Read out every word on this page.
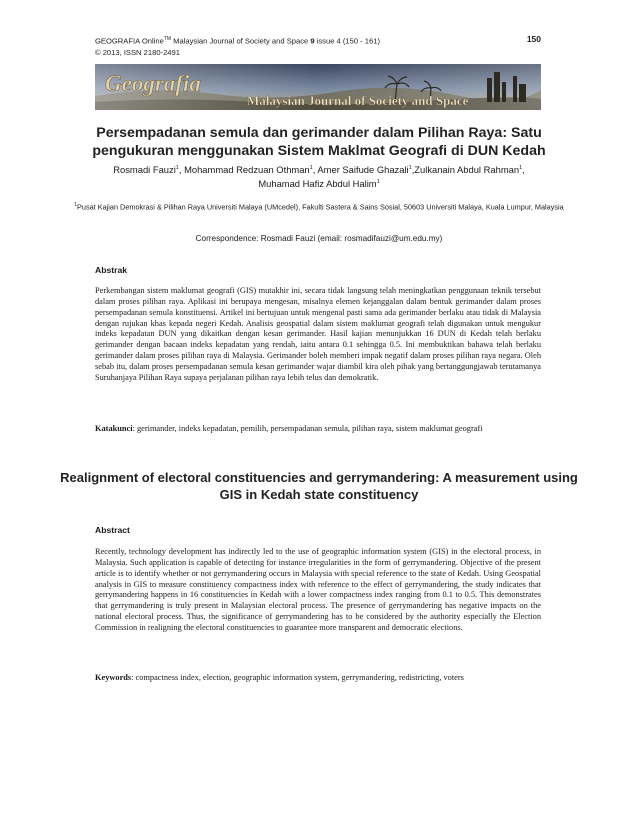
GEOGRAFIA Online™ Malaysian Journal of Society and Space 9 issue 4 (150 - 161)
© 2013, ISSN 2180-2491
150
Geografia
Malaysian Journal of Society and Space
Persempadanan semula dan gerimander dalam Pilihan Raya: Satu pengukuran menggunakan Sistem Maklmat Geografi di DUN Kedah
Rosmadi Fauzi$^1$, Mohammad Redzuan Othman$^1$, Amer Saifude Ghazali$^1$,Zulkanain Abdul Rahman$^1$,
Muhamad Hafiz Abdul Halim$^1$
$^1$Pusat Kajian Demokrasi & Pilihan Raya Universiti Malaya (UMcedel), Fakulti Sastera & Sains Sosial, 50603 Universiti Malaya, Kuala Lumpur, Malaysia
Correspondence: Rosmadi Fauzi (email: rosmadifauzi@um.edu.my)
Abstrak
Perkembangan sistem maklumat geografi (GIS) mutakhir ini, secara tidak langsung telah meningkatkan penggunaan teknik tersebut dalam proses pilihan raya. Aplikasi ini berupaya mengesan, misalnya elemen kejanggalan dalam bentuk gerimander dalam proses persempadanan semula konstituensi. Artikel ini bertujuan untuk mengenal pasti sama ada gerimander berlaku atau tidak di Malaysia dengan rujukan khas kepada negeri Kedah. Analisis geospatial dalam sistem maklumat geografi telah digunakan untuk mengukur indeks kepadatan DUN yang dikaitkan dengan kesan gerimander. Hasil kajian menunjukkan 16 DUN di Kedah telah berlaku gerimander dengan bacaan indeks kepadatan yang rendah, iaitu antara 0.1 sehingga 0.5. Ini membuktikan bahawa telah berlaku gerimander dalam proses pilihan raya di Malaysia. Gerimander boleh memberi impak negatif dalam proses pilihan raya negara. Oleh sebab itu, dalam proses persempadanan semula kesan gerimander wajar diambil kira oleh pihak yang bertanggungjawab terutamanya Suruhanjaya Pilihan Raya supaya perjalanan pilihan raya lebih telus dan demokratik.
Katakunci: gerimander, indeks kepadatan, pemilih, persempadanan semula, pilihan raya, sistem maklumat geografi
Realignment of electoral constituencies and gerrymandering: A measurement using GIS in Kedah state constituency
Abstract
Recently, technology development has indirectly led to the use of geographic information system (GIS) in the electoral process, in Malaysia. Such application is capable of detecting for instance irregularities in the form of gerrymandering. Objective of the present article is to identify whether or not gerrymandering occurs in Malaysia with special reference to the state of Kedah. Using Geospatial analysis in GIS to measure constituency compactness index with reference to the effect of gerrymandering, the study indicates that gerrymandering happens in 16 constituencies in Kedah with a lower compactness index ranging from 0.1 to 0.5. This demonstrates that gerrymandering is truly present in Malaysian electoral process. The presence of gerrymandering has negative impacts on the national electoral process. Thus, the significance of gerrymandering has to be considered by the authority especially the Election Commission in realigning the electoral constituencies to guarantee more transparent and democratic elections.
Keywords: compactness index, election, geographic information system, gerrymandering, redistricting, voters
